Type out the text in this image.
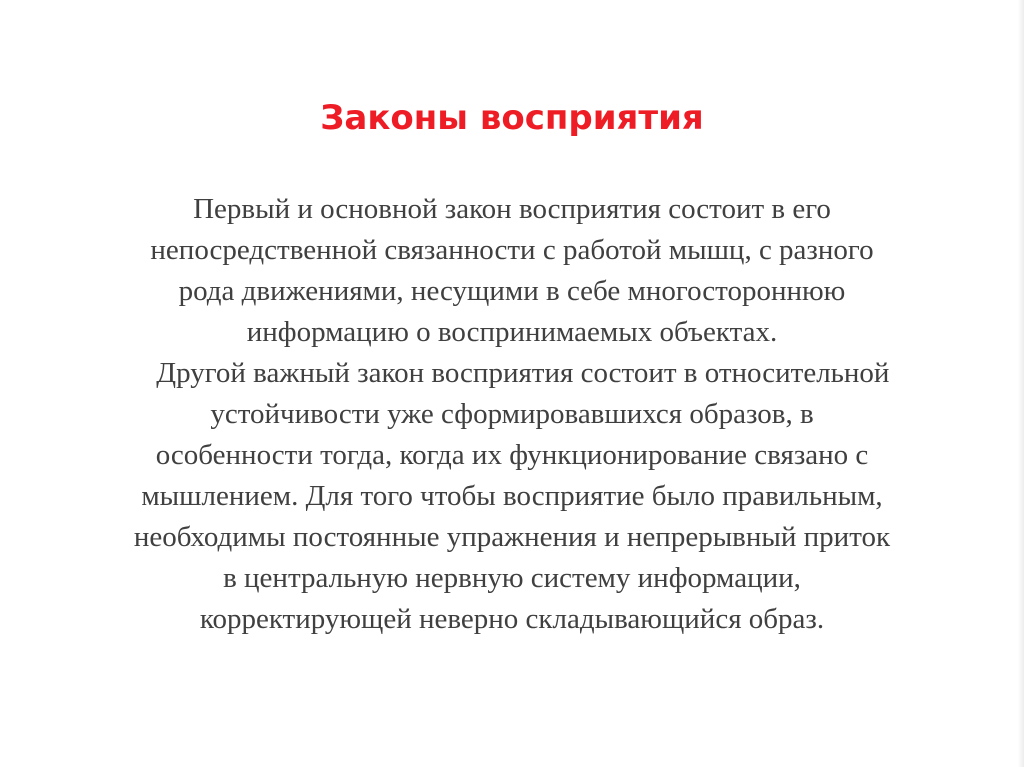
Законы восприятия

Первый и основной закон восприятия состоит в его
непосредственной связанности с работой мышц, с разного
рода движениями, несущими в себе многостороннюю
информацию о воспринимаемых объектах.

Другой важный закон восприятия состоит в относительной
устойчивости уже сформировавшихся образов, в
особенности тогда, когда их функционирование связано с
мышлением. Для того чтобы восприятие было правильным,
необходимы постоянные упражнения и непрерывный приток
в центральную нервную систему информации,
корректирующей неверно складывающийся образ.
